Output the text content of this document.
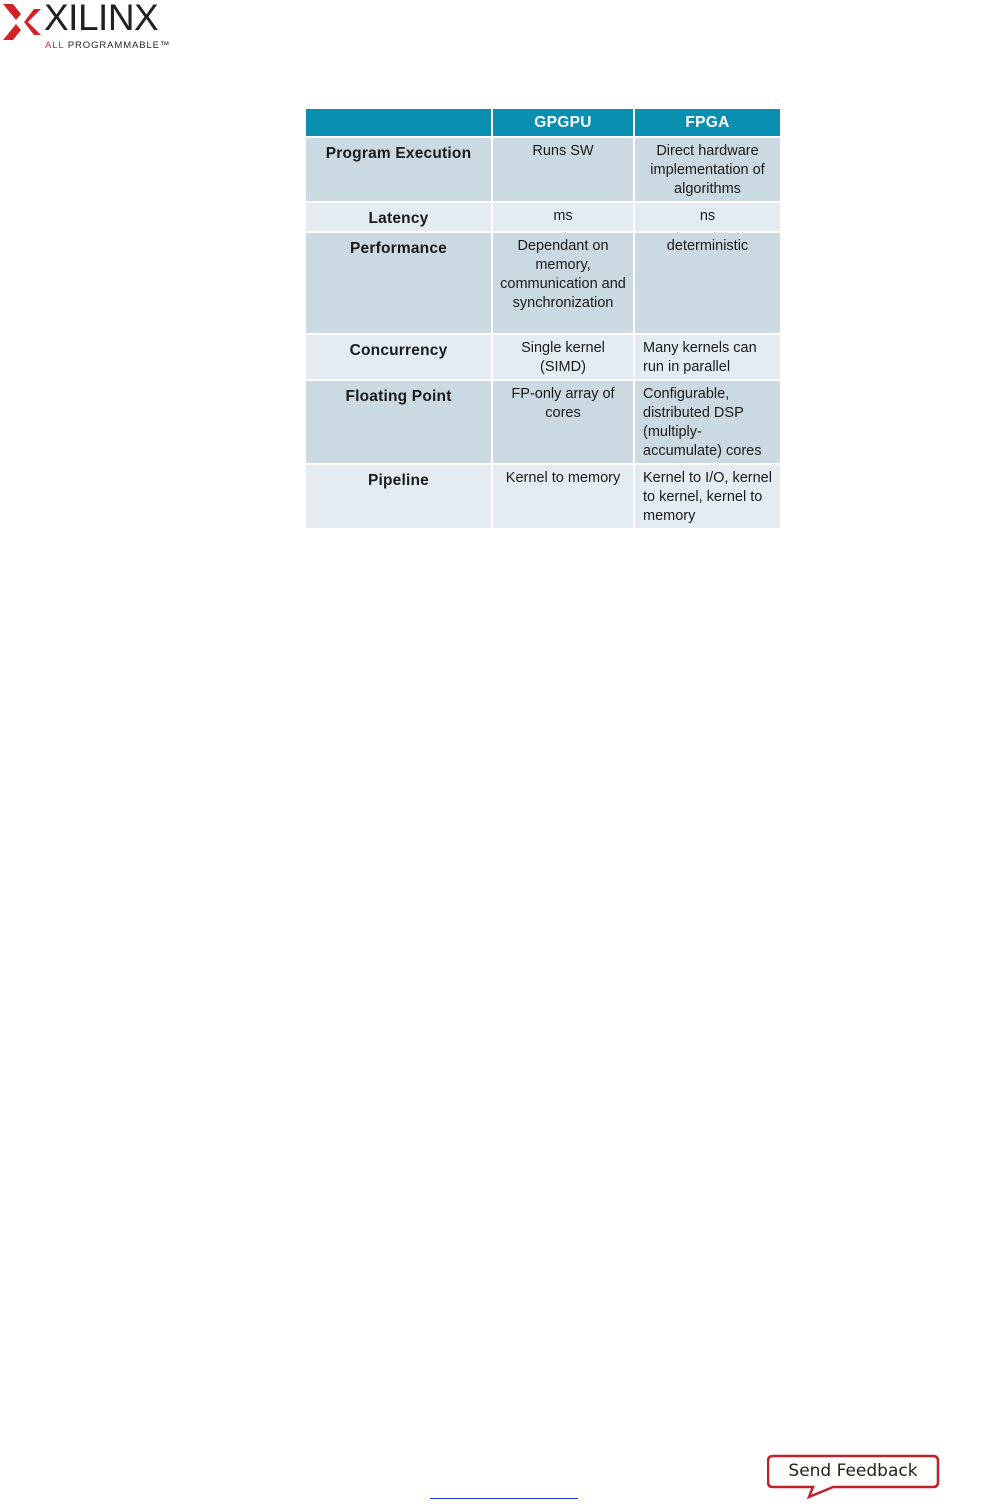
XILINX
ALL PROGRAMMABLE™
	GPGPU	FPGA
Program Execution	Runs SW	Direct hardware implementation of algorithms
Latency	ms	ns
Performance	Dependant on memory, communication and synchronization	deterministic
Concurrency	Single kernel (SIMD)	Many kernels can run in parallel
Floating Point	FP-only array of cores	Configurable, distributed DSP (multiply-accumulate) cores
Pipeline	Kernel to memory	Kernel to I/O, kernel to kernel, kernel to memory
Send Feedback
